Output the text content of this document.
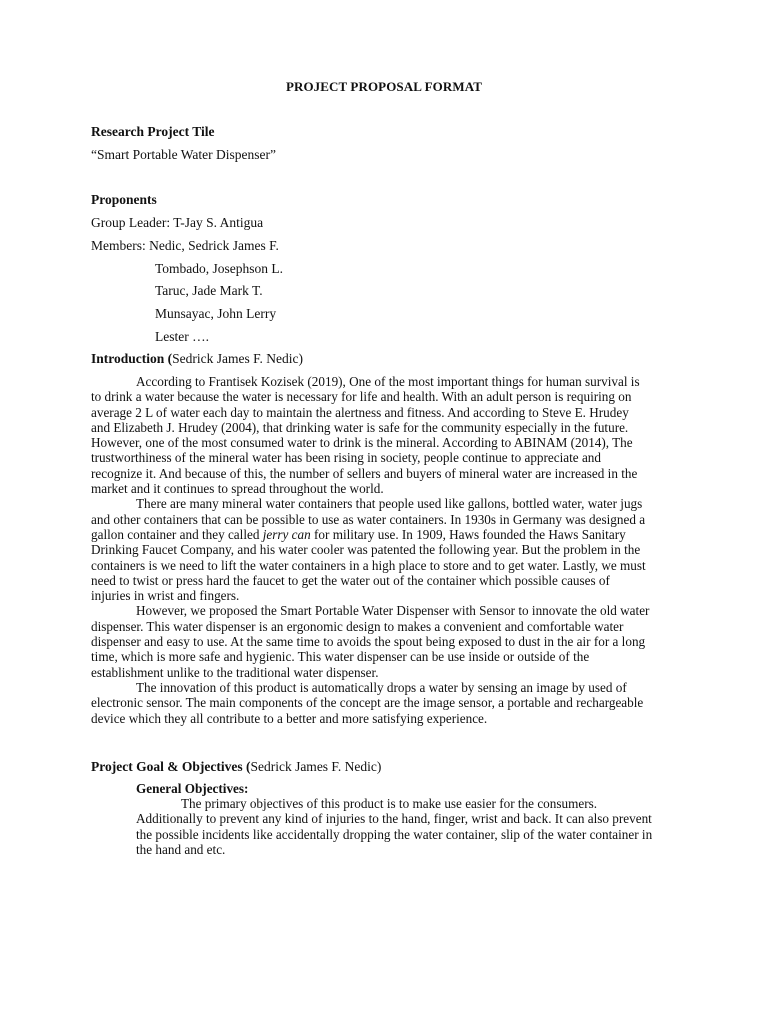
PROJECT PROPOSAL FORMAT
Research Project Tile
“Smart Portable Water Dispenser”
Proponents
Group Leader: T-Jay S. Antigua
Members: Nedic, Sedrick James F.
Tombado, Josephson L.
Taruc, Jade Mark T.
Munsayac, John Lerry
Lester ….
Introduction (Sedrick James F. Nedic)

According to Frantisek Kozisek (2019), One of the most important things for human survival is to drink a water because the water is necessary for life and health. With an adult person is requiring on average 2 L of water each day to maintain the alertness and fitness. And according to Steve E. Hrudey and Elizabeth J. Hrudey (2004), that drinking water is safe for the community especially in the future. However, one of the most consumed water to drink is the mineral. According to ABINAM (2014), The trustworthiness of the mineral water has been rising in society, people continue to appreciate and recognize it. And because of this, the number of sellers and buyers of mineral water are increased in the market and it continues to spread throughout the world.

There are many mineral water containers that people used like gallons, bottled water, water jugs and other containers that can be possible to use as water containers. In 1930s in Germany was designed a gallon container and they called jerry can for military use. In 1909, Haws founded the Haws Sanitary Drinking Faucet Company, and his water cooler was patented the following year. But the problem in the containers is we need to lift the water containers in a high place to store and to get water. Lastly, we must need to twist or press hard the faucet to get the water out of the container which possible causes of injuries in wrist and fingers.

However, we proposed the Smart Portable Water Dispenser with Sensor to innovate the old water dispenser. This water dispenser is an ergonomic design to makes a convenient and comfortable water dispenser and easy to use. At the same time to avoids the spout being exposed to dust in the air for a long time, which is more safe and hygienic. This water dispenser can be use inside or outside of the establishment unlike to the traditional water dispenser.

The innovation of this product is automatically drops a water by sensing an image by used of electronic sensor. The main components of the concept are the image sensor, a portable and rechargeable device which they all contribute to a better and more satisfying experience.

Project Goal & Objectives (Sedrick James F. Nedic)
General Objectives:

The primary objectives of this product is to make use easier for the consumers. Additionally to prevent any kind of injuries to the hand, finger, wrist and back. It can also prevent the possible incidents like accidentally dropping the water container, slip of the water container in the hand and etc.
